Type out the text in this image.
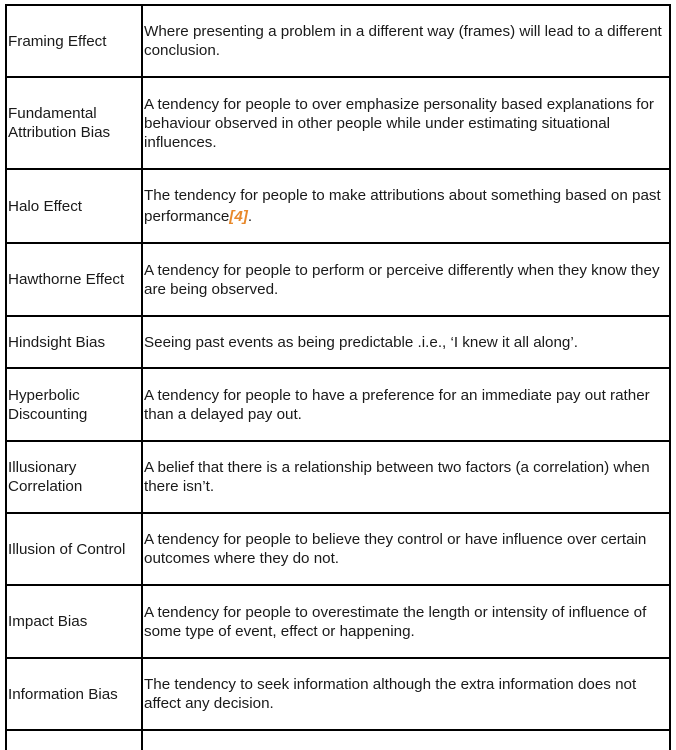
Framing Effect	Where presenting a problem in a different way (frames) will lead to a different conclusion.
Fundamental Attribution Bias	A tendency for people to over emphasize personality based explanations for behaviour observed in other people while under estimating situational influences.
Halo Effect	The tendency for people to make attributions about something based on past performance[4].
Hawthorne Effect	A tendency for people to perform or perceive differently when they know they are being observed.
Hindsight Bias	Seeing past events as being predictable .i.e., ‘I knew it all along’.
Hyperbolic Discounting	A tendency for people to have a preference for an immediate pay out rather than a delayed pay out.
Illusionary Correlation	A belief that there is a relationship between two factors (a correlation) when there isn’t.
Illusion of Control	A tendency for people to believe they control or have influence over certain outcomes where they do not.
Impact Bias	A tendency for people to overestimate the length or intensity of influence of some type of event, effect or happening.
Information Bias	The tendency to seek information although the extra information does not affect any decision.
